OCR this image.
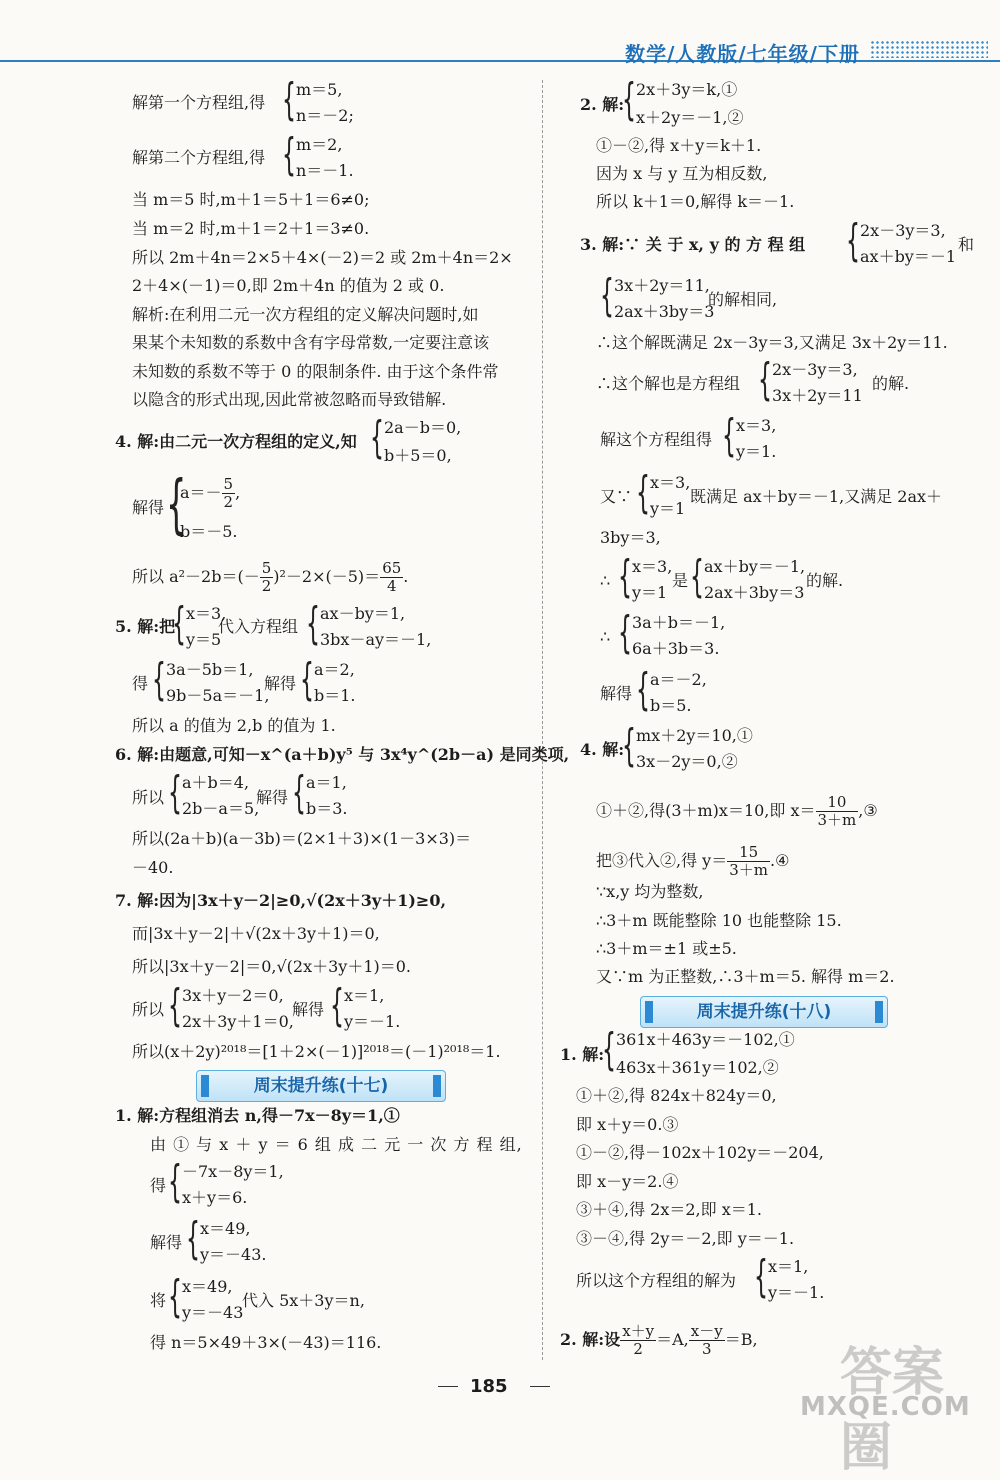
数学/人教版/七年级/下册
解第一个方程组,得 { m＝5,
n＝－2;
解第二个方程组,得 { m＝2,
n＝－1.
当 m＝5 时,m＋1＝5＋1＝6≠0;
当 m＝2 时,m＋1＝2＋1＝3≠0.
所以 2m＋4n＝2×5＋4×(－2)＝2 或 2m＋4n＝2×
2＋4×(－1)＝0,即 2m＋4n 的值为 2 或 0.
解析:在利用二元一次方程组的定义解决问题时,如
果某个未知数的系数中含有字母常数,一定要注意该
未知数的系数不等于 0 的限制条件. 由于这个条件常
以隐含的形式出现,因此常被忽略而导致错解.
4. 解:由二元一次方程组的定义,知 { 2a－b＝0,
b＋5＝0,
解得 {
$a=- \frac{5}{2}$ ,
b＝－5.
所以 $a^2-2b=(- \frac{5}{2} )^2-2\times(-5)= \frac{65}{4}$ .
5. 解:把
{ x＝3,
y＝5
代入方程组 { ax－by＝1,
3bx－ay＝－1,
得 { 3a－5b＝1,
9b－5a＝－1,
解得 { a＝2,
b＝1.
所以 a 的值为 2,b 的值为 1.
6. 解:由题意,可知－x^(a＋b)y⁵ 与 3x⁴y^(2b－a) 是同类项,
所以 { a＋b＝4,
2b－a＝5,
解得 { a＝1,
b＝3.
所以(2a＋b)(a－3b)＝(2×1＋3)×(1－3×3)＝
－40.
7. 解:因为|3x＋y－2|≥0,√(2x＋3y＋1)≥0,
而|3x＋y－2|＋√(2x＋3y＋1)＝0,
所以|3x＋y－2|＝0,√(2x＋3y＋1)＝0.
所以 { 3x＋y－2＝0,
2x＋3y＋1＝0,
解得 { x＝1,
y＝－1.
所以(x＋2y)²⁰¹⁸＝[1＋2×(－1)]²⁰¹⁸＝(－1)²⁰¹⁸＝1.
周末提升练(十七)
1. 解:方程组消去 n,得－7x－8y＝1,①
由 ① 与 x ＋ y ＝ 6 组 成 二 元 一 次 方 程 组,
得 { －7x－8y＝1,
x＋y＝6.
解得 { x＝49,
y＝－43.
将 { x＝49,
y＝－43
代入 5x＋3y＝n,
得 n＝5×49＋3×(－43)＝116.
2. 解:
{ 2x＋3y＝k,①
x＋2y＝－1,②
①－②,得 x＋y＝k＋1.
因为 x 与 y 互为相反数,
所以 k＋1＝0,解得 k＝－1.
3. 解:∵ 关 于 x, y 的 方 程 组 { 2x－3y＝3,
ax＋by＝－1
和
{ 3x＋2y＝11,
2ax＋3by＝3
的解相同,
∴这个解既满足 2x－3y＝3,又满足 3x＋2y＝11.
∴这个解也是方程组 { 2x－3y＝3,
3x＋2y＝11
的解.
解这个方程组得 { x＝3,
y＝1.
又∵ { x＝3,
y＝1
既满足 ax＋by＝－1,又满足 2ax＋
3by＝3,
∴ { x＝3,
y＝1
是 { ax＋by＝－1,
2ax＋3by＝3
的解.
∴ { 3a＋b＝－1,
6a＋3b＝3.
解得 { a＝－2,
b＝5.
4. 解:
{ mx＋2y＝10,①
3x－2y＝0,②
①＋②,得(3＋m)x＝10,即 $x= \frac{10}{3+m}$ ,③
把③代入②,得 $y= \frac{15}{3+m}$ .④
∵x,y 均为整数,
∴3＋m 既能整除 10 也能整除 15.
∴3＋m＝±1 或±5.
又∵m 为正整数,∴3＋m＝5. 解得 m＝2.
周末提升练(十八)
1. 解:
{ 361x＋463y＝－102,①
463x＋361y＝102,②
①＋②,得 824x＋824y＝0,
即 x＋y＝0.③
①－②,得－102x＋102y＝－204,
即 x－y＝2.④
③＋④,得 2x＝2,即 x＝1.
③－④,得 2y＝－2,即 y＝－1.
所以这个方程组的解为 { x＝1,
y＝－1.
2. 解:设 $\frac{x+y}{2} =A$, $\frac{x-y}{3} =B$,
185	答案圈
MXQE.COM
